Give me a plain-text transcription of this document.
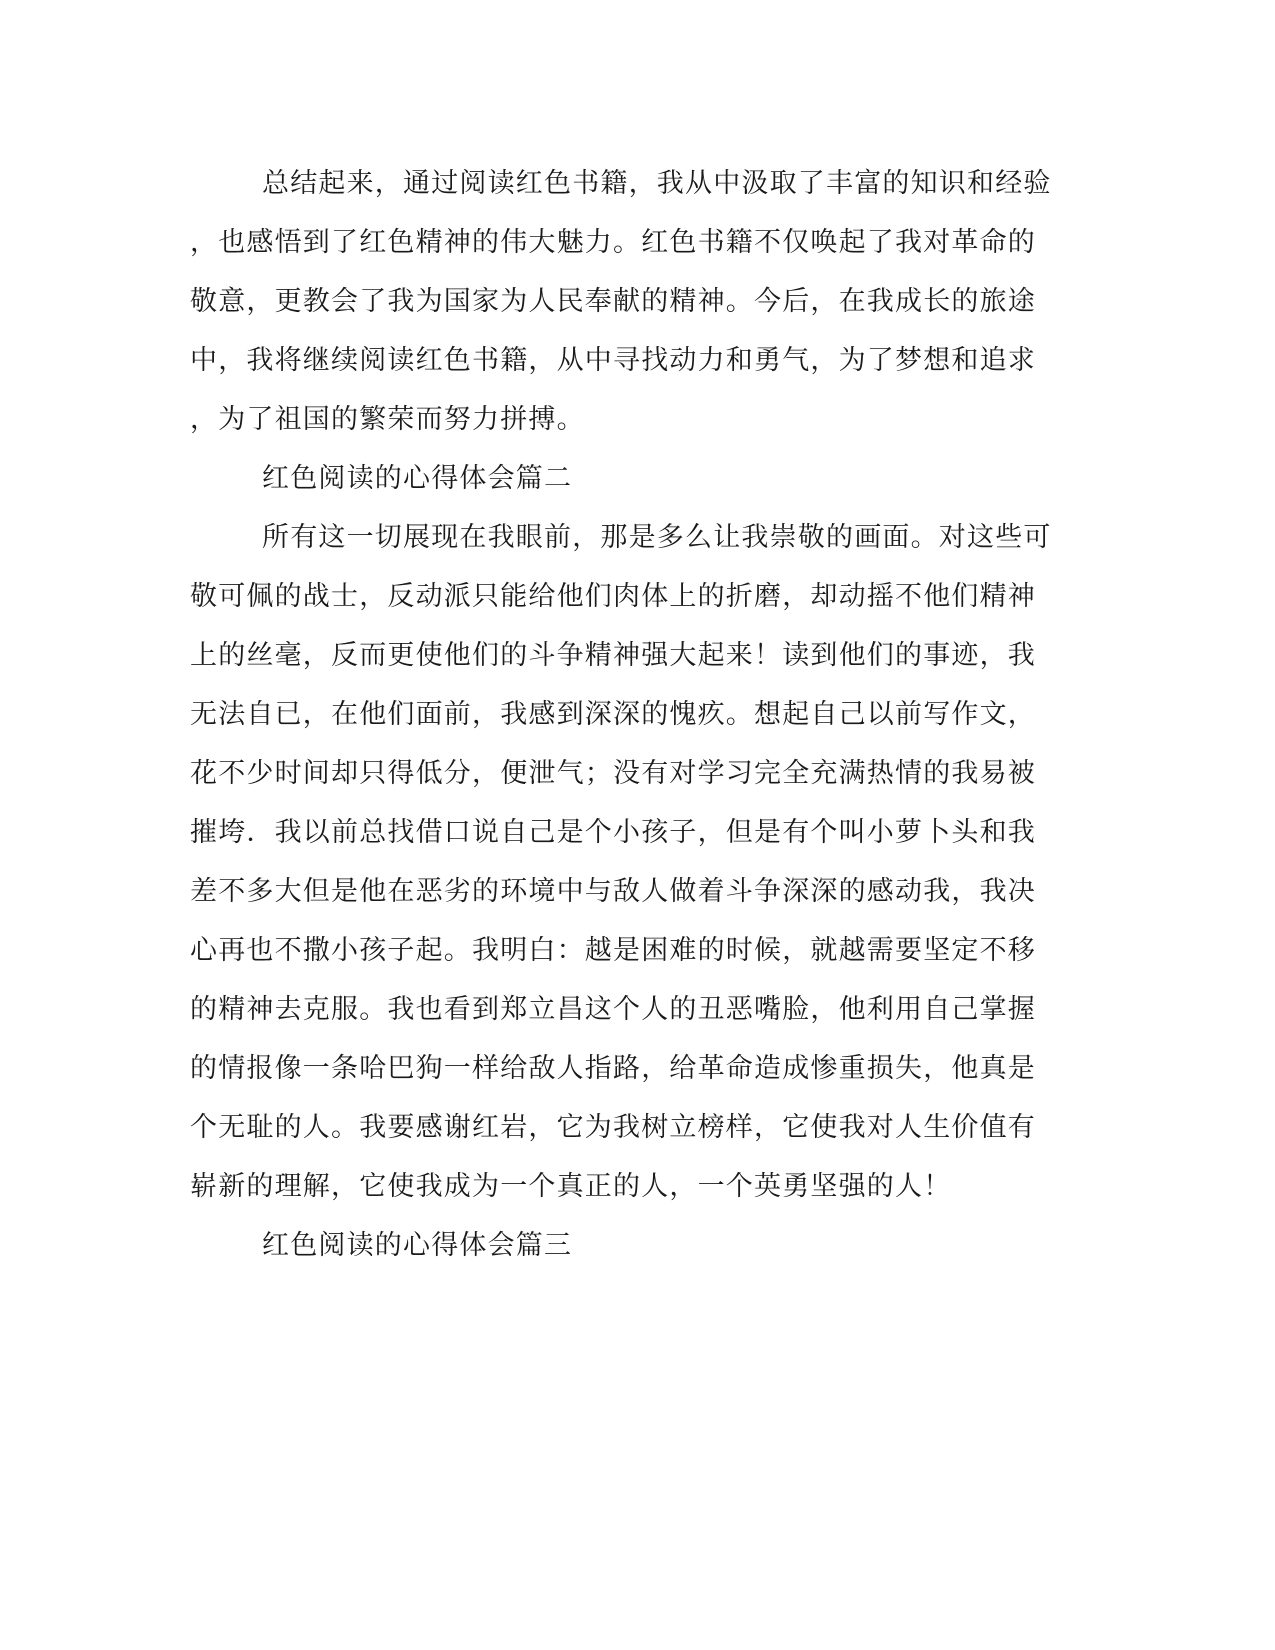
总结起来，通过阅读红色书籍，我从中汲取了丰富的知识和经验
，也感悟到了红色精神的伟大魅力。红色书籍不仅唤起了我对革命的
敬意，更教会了我为国家为人民奉献的精神。今后，在我成长的旅途
中，我将继续阅读红色书籍，从中寻找动力和勇气，为了梦想和追求
，为了祖国的繁荣而努力拼搏。
红色阅读的心得体会篇二
所有这一切展现在我眼前，那是多么让我崇敬的画面。对这些可
敬可佩的战士，反动派只能给他们肉体上的折磨，却动摇不他们精神
上的丝毫，反而更使他们的斗争精神强大起来！读到他们的事迹，我
无法自已，在他们面前，我感到深深的愧疚。想起自己以前写作文，
花不少时间却只得低分，便泄气；没有对学习完全充满热情的我易被
摧垮．我以前总找借口说自己是个小孩子，但是有个叫小萝卜头和我
差不多大但是他在恶劣的环境中与敌人做着斗争深深的感动我，我决
心再也不撒小孩子起。我明白：越是困难的时候，就越需要坚定不移
的精神去克服。我也看到郑立昌这个人的丑恶嘴脸，他利用自己掌握
的情报像一条哈巴狗一样给敌人指路，给革命造成惨重损失，他真是
个无耻的人。我要感谢红岩，它为我树立榜样，它使我对人生价值有
崭新的理解，它使我成为一个真正的人，一个英勇坚强的人！
红色阅读的心得体会篇三
